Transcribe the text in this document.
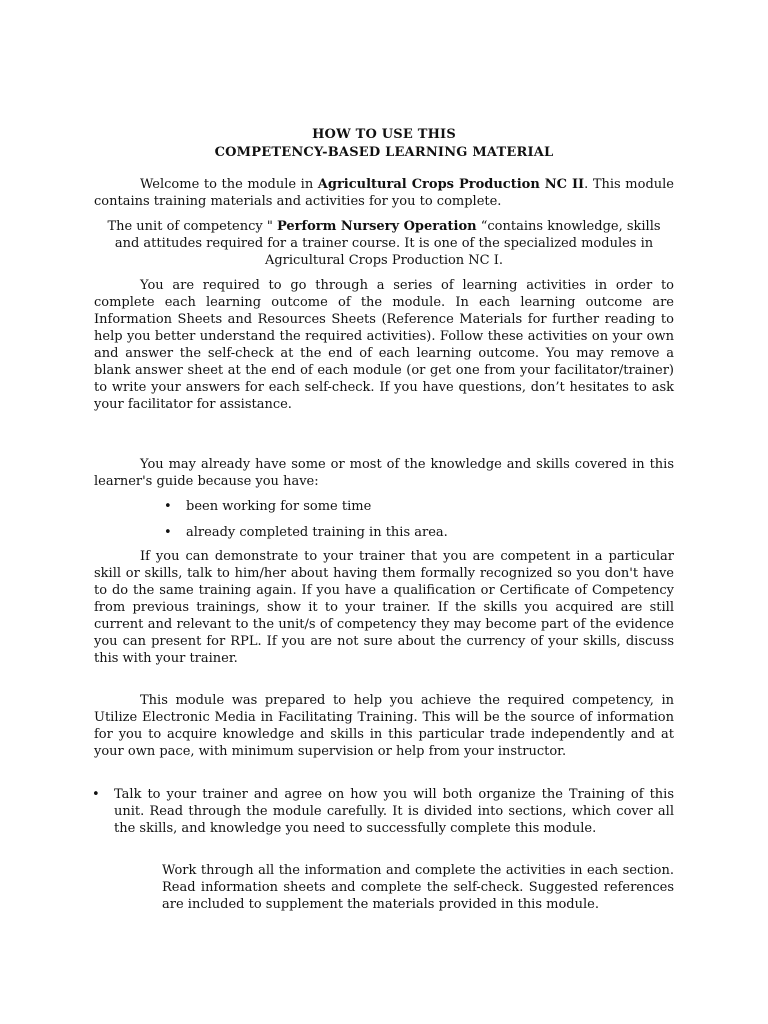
HOW TO USE THIS
COMPETENCY-BASED LEARNING MATERIAL
Welcome to the module in Agricultural Crops Production NC II. This module contains training materials and activities for you to complete.
The unit of competency " Perform Nursery Operation “contains knowledge, skills and attitudes required for a trainer course. It is one of the specialized modules in Agricultural Crops Production NC I.
You are required to go through a series of learning activities in order to complete each learning outcome of the module. In each learning outcome are Information Sheets and Resources Sheets (Reference Materials for further reading to help you better understand the required activities). Follow these activities on your own and answer the self-check at the end of each learning outcome. You may remove a blank answer sheet at the end of each module (or get one from your facilitator/trainer) to write your answers for each self-check. If you have questions, don’t hesitates to ask your facilitator for assistance.
You may already have some or most of the knowledge and skills covered in this learner's guide because you have:
• been working for some time
• already completed training in this area.
If you can demonstrate to your trainer that you are competent in a particular skill or skills, talk to him/her about having them formally recognized so you don't have to do the same training again. If you have a qualification or Certificate of Competency from previous trainings, show it to your trainer. If the skills you acquired are still current and relevant to the unit/s of competency they may become part of the evidence you can present for RPL. If you are not sure about the currency of your skills, discuss this with your trainer.
This module was prepared to help you achieve the required competency, in Utilize Electronic Media in Facilitating Training. This will be the source of information for you to acquire knowledge and skills in this particular trade independently and at your own pace, with minimum supervision or help from your instructor.
• Talk to your trainer and agree on how you will both organize the Training of this unit. Read through the module carefully. It is divided into sections, which cover all the skills, and knowledge you need to successfully complete this module.
Work through all the information and complete the activities in each section. Read information sheets and complete the self-check. Suggested references are included to supplement the materials provided in this module.
